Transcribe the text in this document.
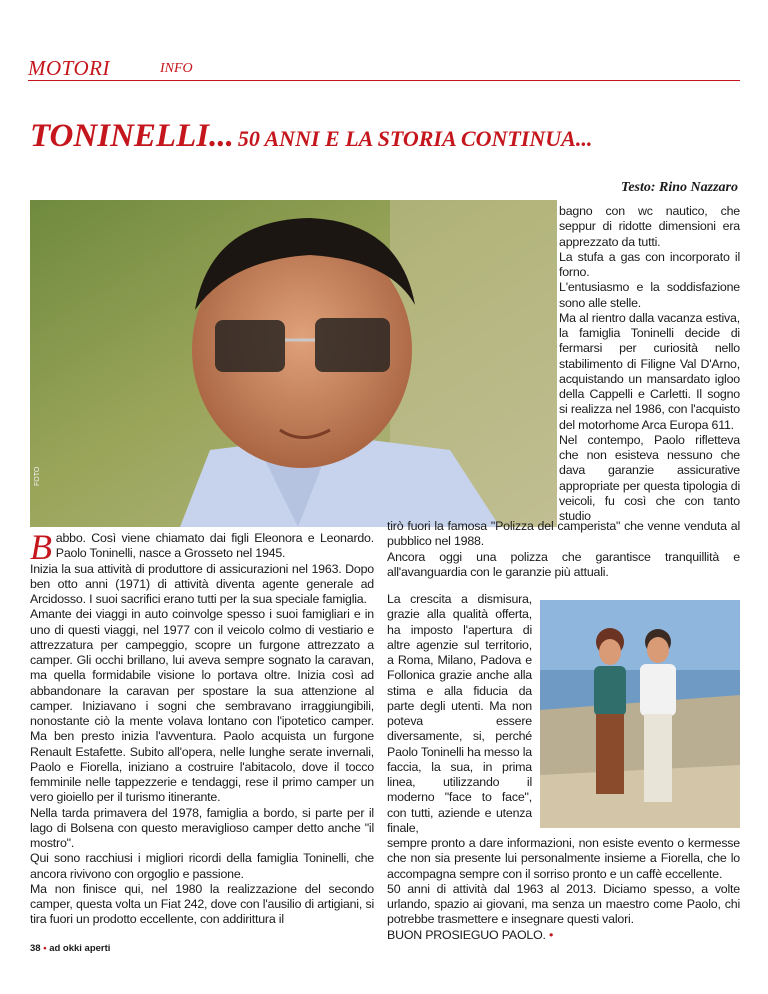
MOTORI	INFO
TONINELLI... 50 ANNI E LA STORIA CONTINUA...
Testo: Rino Nazzaro
FOTO

bagno con wc nautico, che seppur di ridotte dimensioni era apprezzato da tutti.

La stufa a gas con incorporato il forno.

L'entusiasmo e la soddisfazione sono alle stelle.

Ma al rientro dalla vacanza estiva, la famiglia Toninelli decide di fermarsi per curiosità nello stabilimento di Filigne Val D'Arno, acquistando un mansardato igloo della Cappelli e Carletti. Il sogno si realizza nel 1986, con l'acquisto del motorhome Arca Europa 611.

Nel contempo, Paolo rifletteva che non esisteva nessuno che dava garanzie assicurative appropriate per questa tipologia di veicoli, fu così che con tanto studio

Babbo. Così viene chiamato dai figli Eleonora e Leonardo. Paolo Toninelli, nasce a Grosseto nel 1945.

Inizia la sua attività di produttore di assicurazioni nel 1963. Dopo ben otto anni (1971) di attività diventa agente generale ad Arcidosso. I suoi sacrifici erano tutti per la sua speciale famiglia.

Amante dei viaggi in auto coinvolge spesso i suoi famigliari e in uno di questi viaggi, nel 1977 con il veicolo colmo di vestiario e attrezzatura per campeggio, scopre un furgone attrezzato a camper. Gli occhi brillano, lui aveva sempre sognato la caravan, ma quella formidabile visione lo portava oltre. Inizia così ad abbandonare la caravan per spostare la sua attenzione al camper. Iniziavano i sogni che sembravano irraggiungibili, nonostante ciò la mente volava lontano con l'ipotetico camper. Ma ben presto inizia l'avventura. Paolo acquista un furgone Renault Estafette. Subito all'opera, nelle lunghe serate invernali, Paolo e Fiorella, iniziano a costruire l'abitacolo, dove il tocco femminile nelle tappezzerie e tendaggi, rese il primo camper un vero gioiello per il turismo itinerante.

Nella tarda primavera del 1978, famiglia a bordo, si parte per il lago di Bolsena con questo meraviglioso camper detto anche "il mostro".

Qui sono racchiusi i migliori ricordi della famiglia Toninelli, che ancora rivivono con orgoglio e passione.

Ma non finisce qui, nel 1980 la realizzazione del secondo camper, questa volta un Fiat 242, dove con l'ausilio di artigiani, si tira fuori un prodotto eccellente, con addirittura il

tirò fuori la famosa "Polizza del camperista" che venne venduta al pubblico nel 1988.

Ancora oggi una polizza che garantisce tranquillità e all'avanguardia con le garanzie più attuali.

La crescita a dismisura, grazie alla qualità offerta, ha imposto l'apertura di altre agenzie sul territorio, a Roma, Milano, Padova e Follonica grazie anche alla stima e alla fiducia da parte degli utenti. Ma non poteva essere diversamente, si, perché Paolo Toninelli ha messo la faccia, la sua, in prima linea, utilizzando il moderno "face to face", con tutti, aziende e utenza finale,

sempre pronto a dare informazioni, non esiste evento o kermesse che non sia presente lui personalmente insieme a Fiorella, che lo accompagna sempre con il sorriso pronto e un caffè eccellente.

50 anni di attività dal 1963 al 2013. Diciamo spesso, a volte urlando, spazio ai giovani, ma senza un maestro come Paolo, chi potrebbe trasmettere e insegnare questi valori.

BUON PROSIEGUO PAOLO. •

38 • ad okki aperti
